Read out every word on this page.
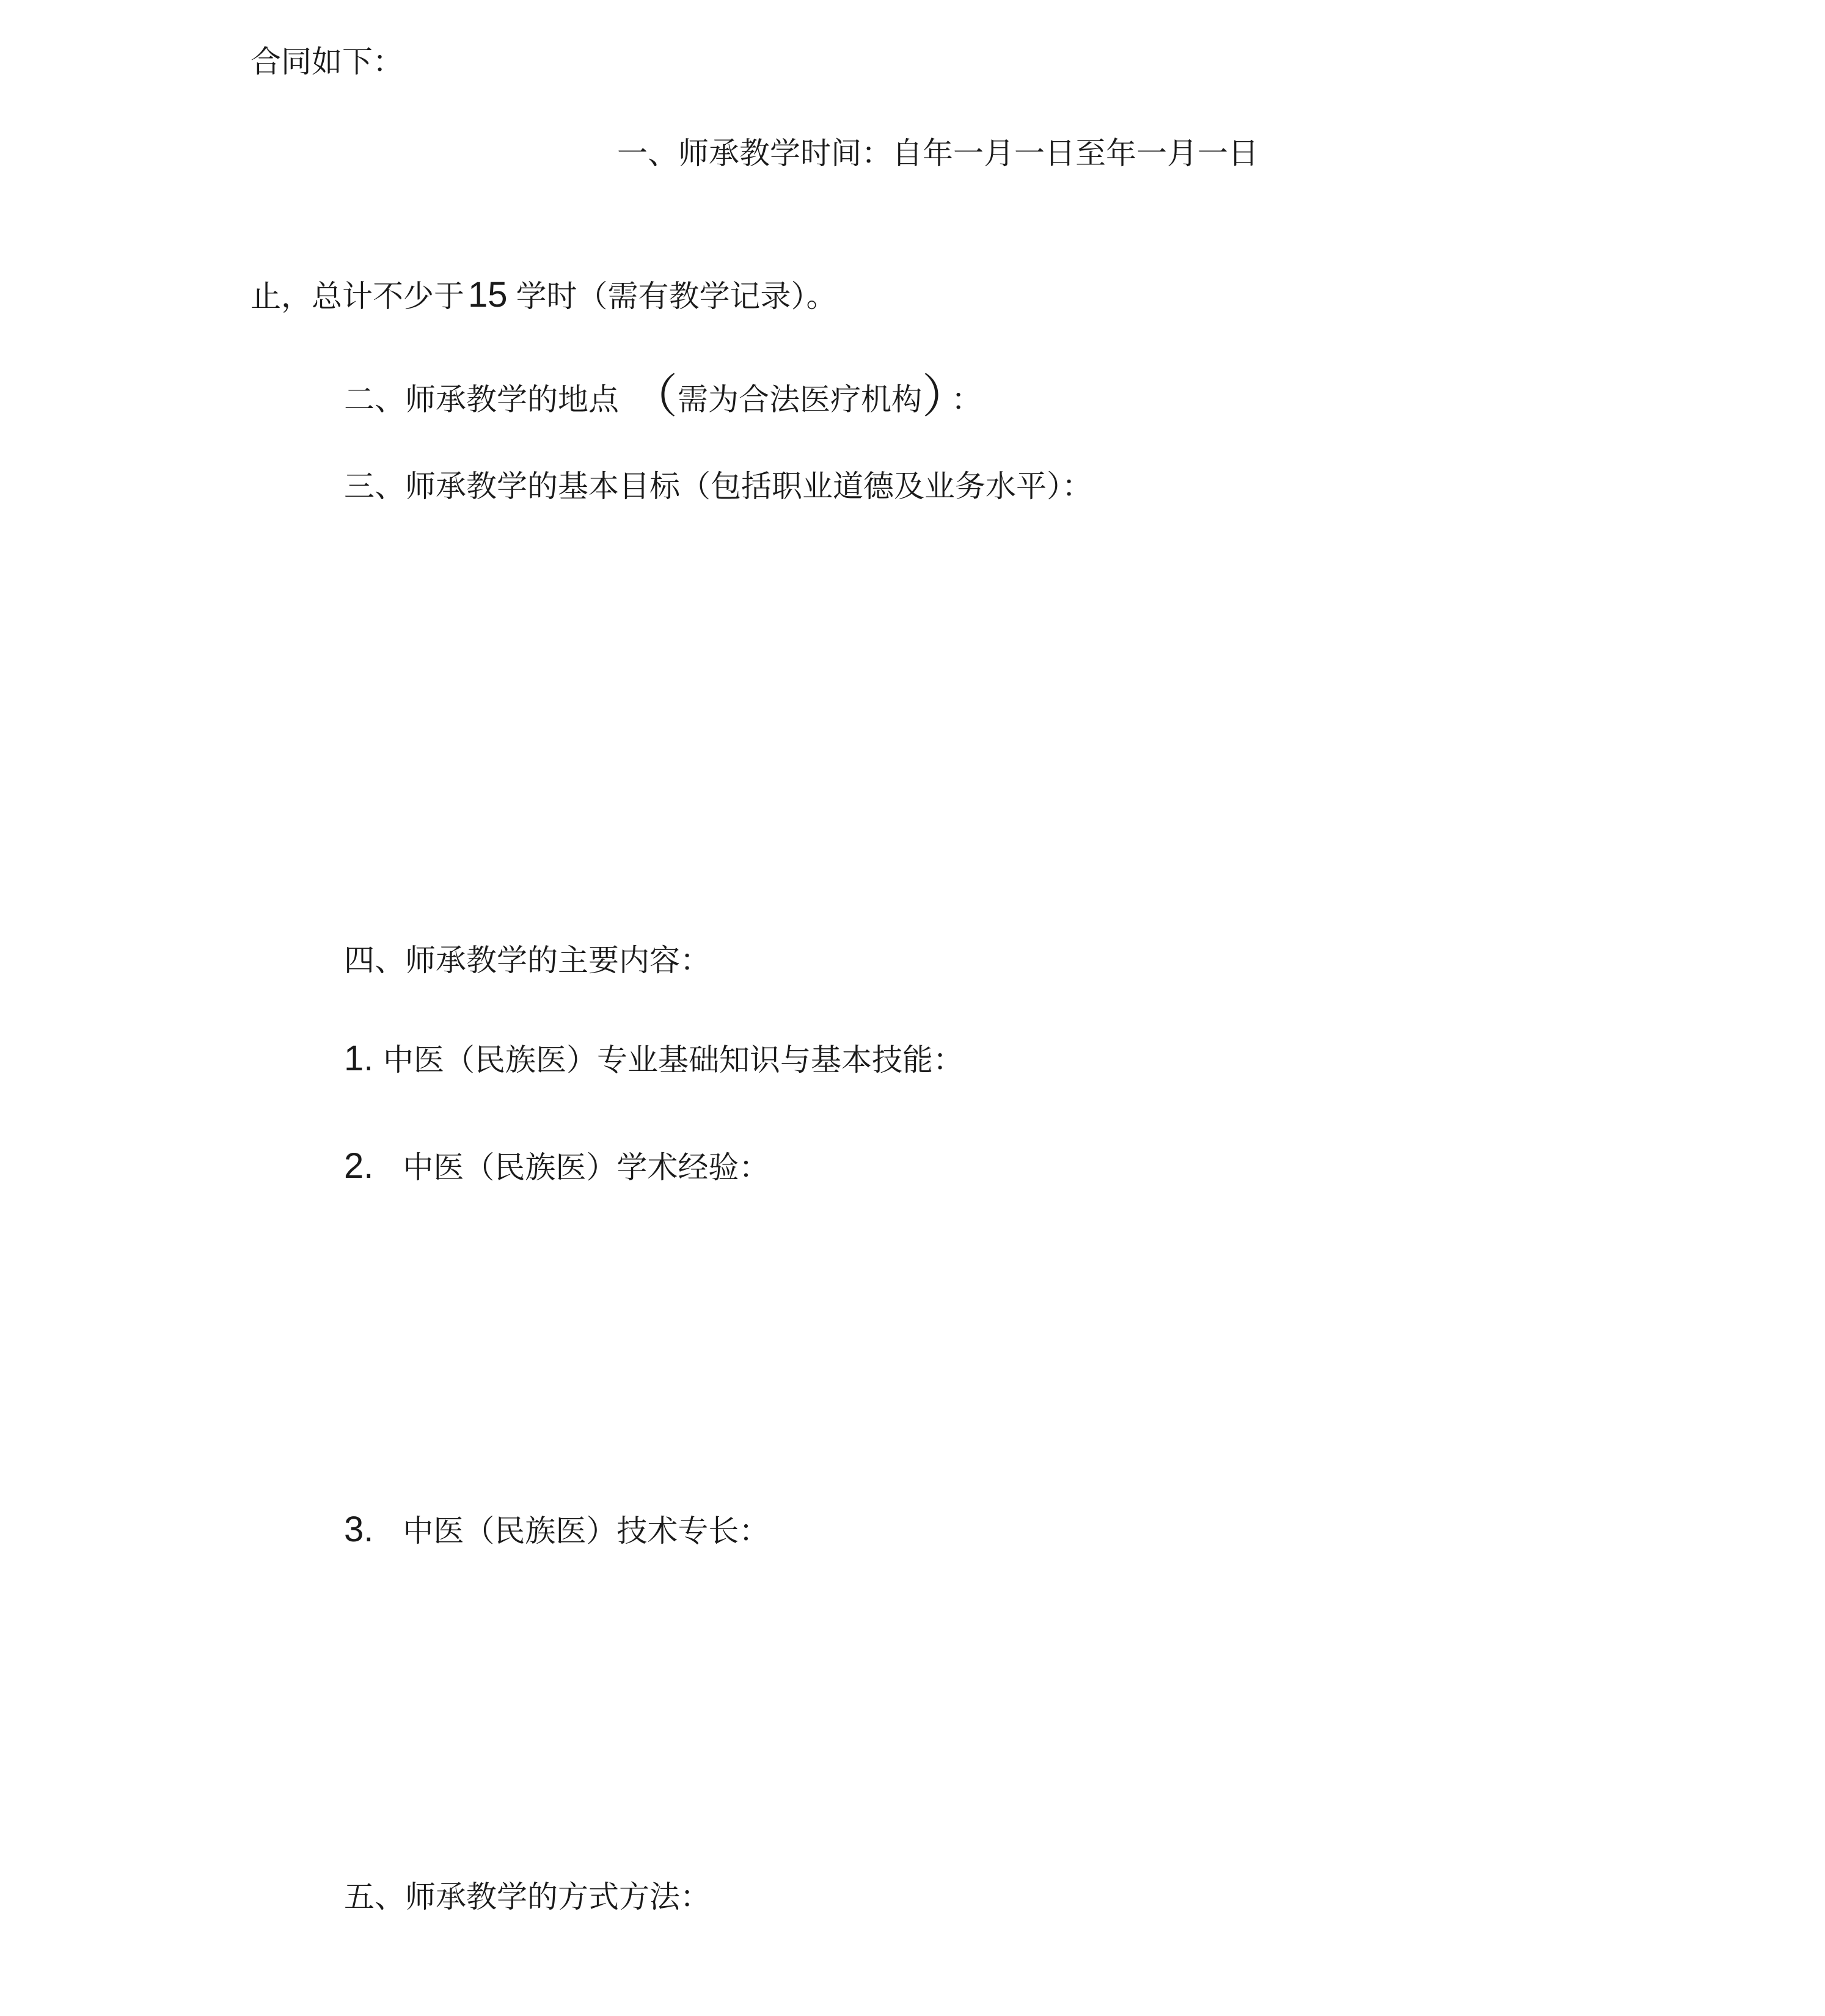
合同如下：
一、师承教学时间：自年一月一日至年一月一日
止，总计不少于 15 学时（需有教学记录）。
二、师承教学的地点 （需为合法医疗机构） ：
三、师承教学的基本目标（包括职业道德及业务水平）：
四、师承教学的主要内容：
1. 中医（民族医）专业基础知识与基本技能：
2. 中医（民族医）学术经验：
3. 中医（民族医）技术专长：
五、师承教学的方式方法：
